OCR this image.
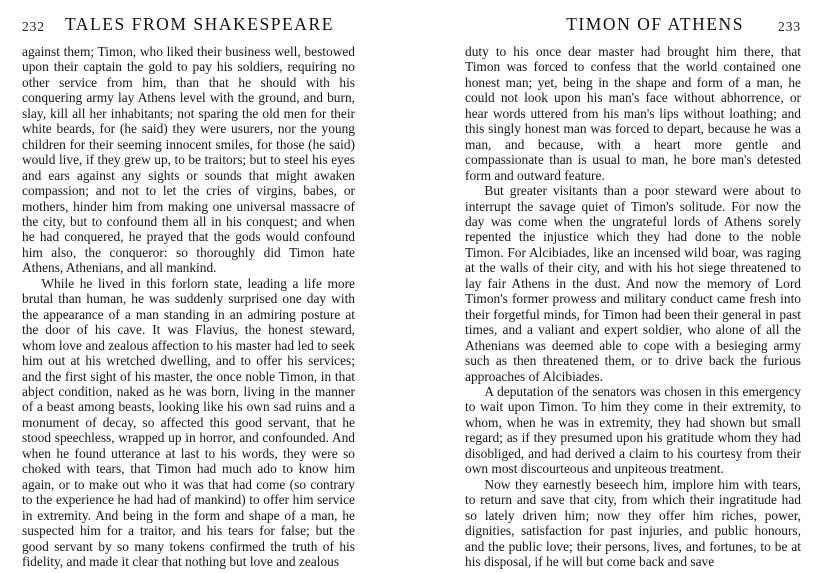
232 TALES FROM SHAKESPEARE	TIMON OF ATHENS	233

against them; Timon, who liked their business well, bestowed upon their captain the gold to pay his soldiers, requiring no other service from him, than that he should with his conquering army lay Athens level with the ground, and burn, slay, kill all her inhabitants; not sparing the old men for their white beards, for (he said) they were usurers, nor the young children for their seeming innocent smiles, for those (he said) would live, if they grew up, to be traitors; but to steel his eyes and ears against any sights or sounds that might awaken compassion; and not to let the cries of virgins, babes, or mothers, hinder him from making one universal massacre of the city, but to confound them all in his conquest; and when he had conquered, he prayed that the gods would confound him also, the conqueror: so thoroughly did Timon hate Athens, Athenians, and all mankind.

While he lived in this forlorn state, leading a life more brutal than human, he was suddenly surprised one day with the appearance of a man standing in an admiring posture at the door of his cave. It was Flavius, the honest steward, whom love and zealous affection to his master had led to seek him out at his wretched dwelling, and to offer his services; and the first sight of his master, the once noble Timon, in that abject condition, naked as he was born, living in the manner of a beast among beasts, looking like his own sad ruins and a monument of decay, so affected this good servant, that he stood speechless, wrapped up in horror, and confounded. And when he found utterance at last to his words, they were so choked with tears, that Timon had much ado to know him again, or to make out who it was that had come (so contrary to the experience he had had of mankind) to offer him service in extremity. And being in the form and shape of a man, he suspected him for a traitor, and his tears for false; but the good servant by so many tokens confirmed the truth of his fidelity, and made it clear that nothing but love and zealous

duty to his once dear master had brought him there, that Timon was forced to confess that the world contained one honest man; yet, being in the shape and form of a man, he could not look upon his man's face without abhorrence, or hear words uttered from his man's lips without loathing; and this singly honest man was forced to depart, because he was a man, and because, with a heart more gentle and compassionate than is usual to man, he bore man's detested form and outward feature.

But greater visitants than a poor steward were about to interrupt the savage quiet of Timon's solitude. For now the day was come when the ungrateful lords of Athens sorely repented the injustice which they had done to the noble Timon. For Alcibiades, like an incensed wild boar, was raging at the walls of their city, and with his hot siege threatened to lay fair Athens in the dust. And now the memory of Lord Timon's former prowess and military conduct came fresh into their forgetful minds, for Timon had been their general in past times, and a valiant and expert soldier, who alone of all the Athenians was deemed able to cope with a besieging army such as then threatened them, or to drive back the furious approaches of Alcibiades.

A deputation of the senators was chosen in this emergency to wait upon Timon. To him they come in their extremity, to whom, when he was in extremity, they had shown but small regard; as if they presumed upon his gratitude whom they had disobliged, and had derived a claim to his courtesy from their own most discourteous and unpiteous treatment.

Now they earnestly beseech him, implore him with tears, to return and save that city, from which their ingratitude had so lately driven him; now they offer him riches, power, dignities, satisfaction for past injuries, and public honours, and the public love; their persons, lives, and fortunes, to be at his disposal, if he will but come back and save
